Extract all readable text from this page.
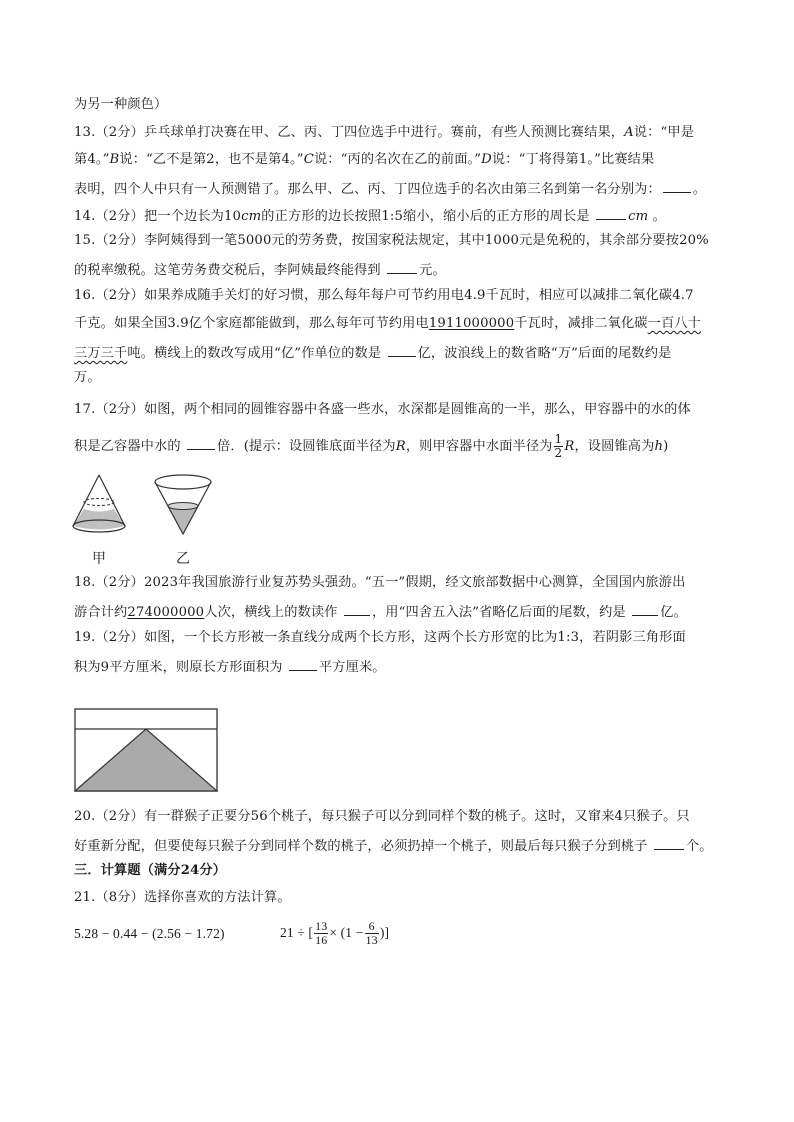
为另一种颜色）
13.（2分）乒乓球单打决赛在甲、乙、丙、丁四位选手中进行。赛前，有些人预测比赛结果，A说：“甲是
第4。”B说：“乙不是第2，也不是第4。”C说：“丙的名次在乙的前面。”D说：“丁将得第1。”比赛结果
表明，四个人中只有一人预测错了。那么甲、乙、丙、丁四位选手的名次由第三名到第一名分别为： 。
14.（2分）把一个边长为10cm的正方形的边长按照1:5缩小，缩小后的正方形的周长是	cm 。
15.（2分）李阿姨得到一笔5000元的劳务费，按国家税法规定，其中1000元是免税的，其余部分要按20%
的税率缴税。这笔劳务费交税后，李阿姨最终能得到	元。
16.（2分）如果养成随手关灯的好习惯，那么每年每户可节约用电4.9千瓦时，相应可以减排二氧化碳4.7
千克。如果全国3.9亿个家庭都能做到，那么每年可节约用电1911000000千瓦时，减排二氧化碳一百八十
三万三千吨。横线上的数改写成用“亿”作单位的数是	亿，波浪线上的数省略“万”后面的尾数约是
万。
17.（2分）如图，两个相同的圆锥容器中各盛一些水，水深都是圆锥高的一半，那么，甲容器中的水的体
积是乙容器中水的	倍．(提示：设圆锥底面半径为R，则甲容器中水面半径为 $\frac{1}{2}$ R，设圆锥高为h)
甲	乙
18.（2分）2023年我国旅游行业复苏势头强劲。“五一”假期，经文旅部数据中心测算，全国国内旅游出
游合计约274000000人次，横线上的数读作	，用“四舍五入法”省略亿后面的尾数，约是	亿。
19.（2分）如图，一个长方形被一条直线分成两个长方形，这两个长方形宽的比为1:3，若阴影三角形面
积为9平方厘米，则原长方形面积为	平方厘米。
20.（2分）有一群猴子正要分56个桃子，每只猴子可以分到同样个数的桃子。这时，又窜来4只猴子。只
好重新分配，但要使每只猴子分到同样个数的桃子，必须扔掉一个桃子，则最后每只猴子分到桃子	个。
三．计算题（满分24分）
21.（8分）选择你喜欢的方法计算。
5.28 − 0.44 − (2.56 − 1.72)	21 ÷ [ $\frac{13}{16} \times (1 - \frac{6}{13}$ )]
